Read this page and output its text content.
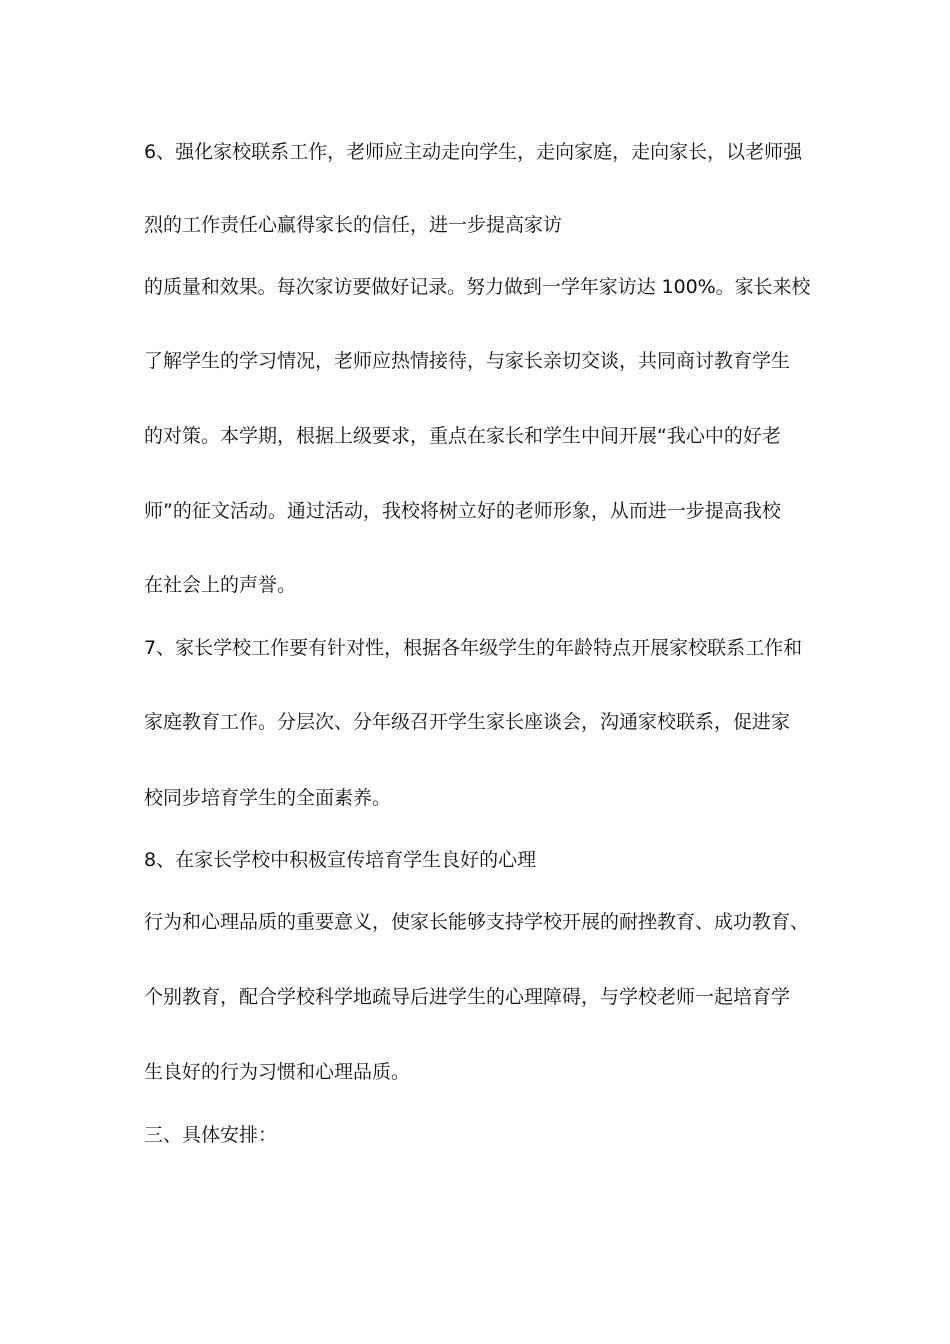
6、强化家校联系工作，老师应主动走向学生，走向家庭，走向家长，以老师强

烈的工作责任心赢得家长的信任，进一步提高家访

的质量和效果。每次家访要做好记录。努力做到一学年家访达 100%。家长来校

了解学生的学习情况，老师应热情接待，与家长亲切交谈，共同商讨教育学生

的对策。本学期，根据上级要求，重点在家长和学生中间开展“我心中的好老

师”的征文活动。通过活动，我校将树立好的老师形象，从而进一步提高我校

在社会上的声誉。

7、家长学校工作要有针对性，根据各年级学生的年龄特点开展家校联系工作和

家庭教育工作。分层次、分年级召开学生家长座谈会，沟通家校联系，促进家

校同步培育学生的全面素养。

8、在家长学校中积极宣传培育学生良好的心理

行为和心理品质的重要意义，使家长能够支持学校开展的耐挫教育、成功教育、

个别教育，配合学校科学地疏导后进学生的心理障碍，与学校老师一起培育学

生良好的行为习惯和心理品质。

三、具体安排：
